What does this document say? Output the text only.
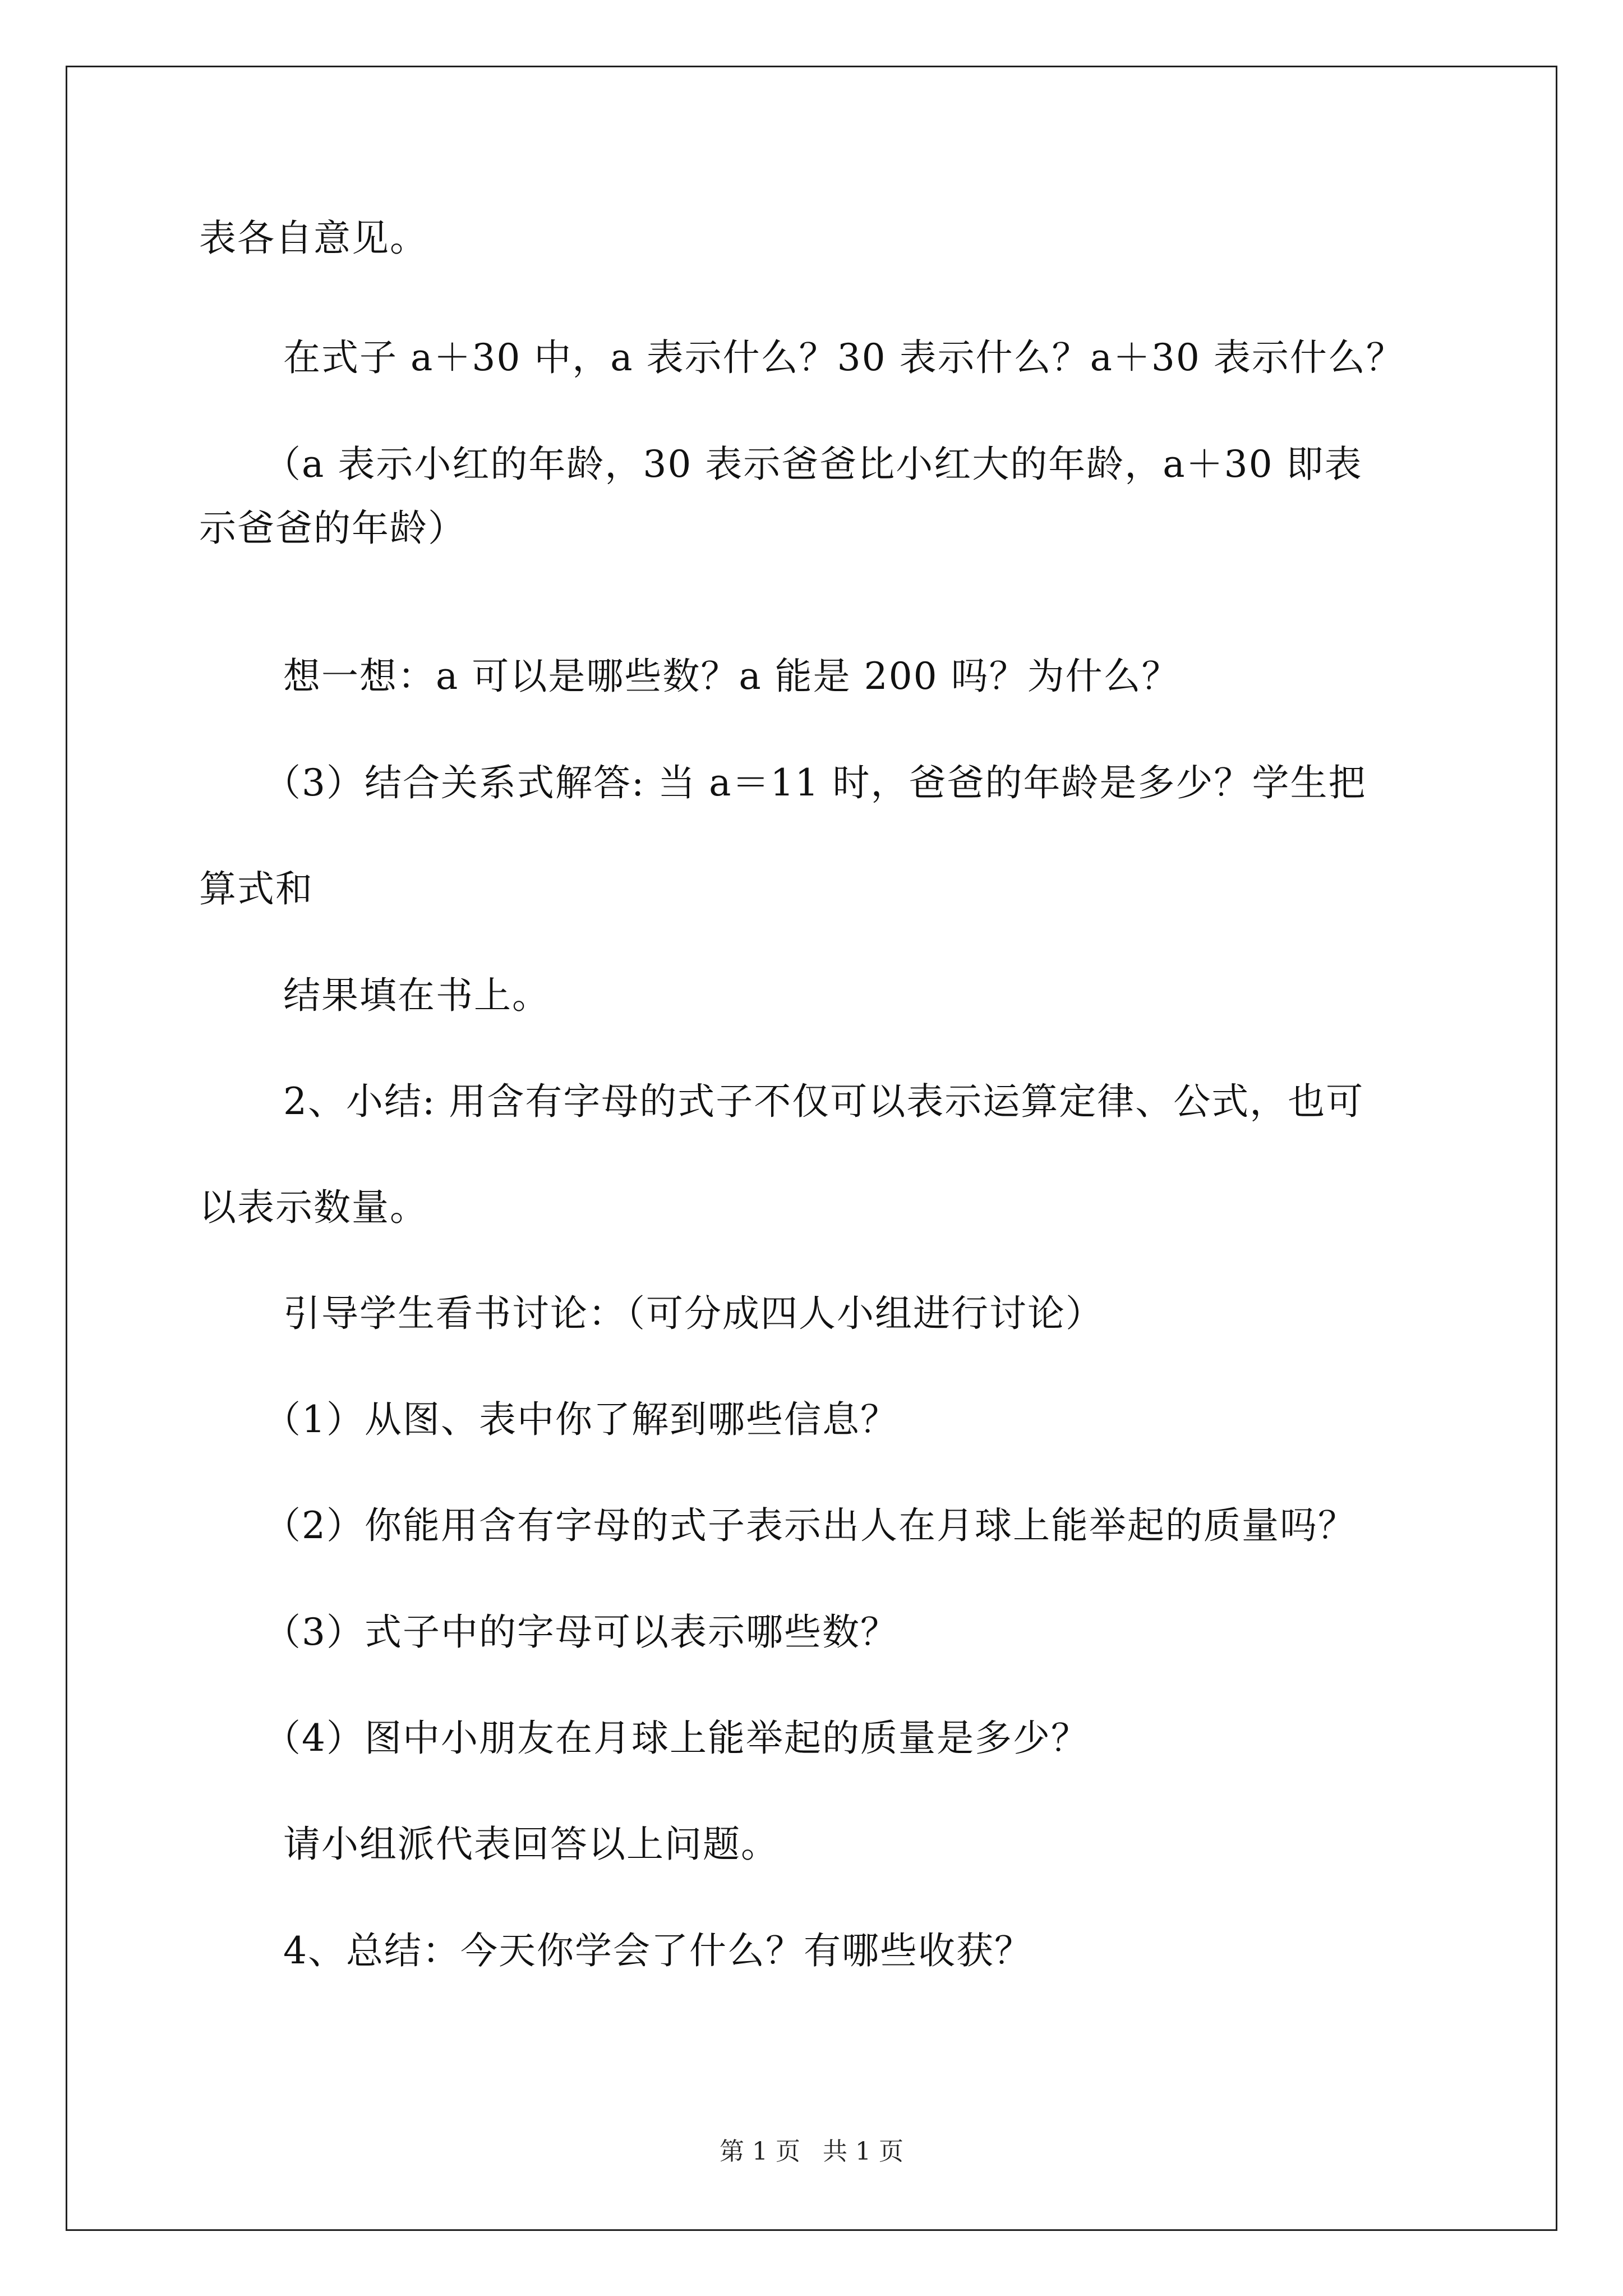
表各自意见。
在式子 a＋30 中，a 表示什么？30 表示什么？a＋30 表示什么？
（a 表示小红的年龄，30 表示爸爸比小红大的年龄，a＋30 即表
示爸爸的年龄）
想一想：a 可以是哪些数？a 能是 200 吗？为什么？
（3）结合关系式解答: 当 a＝11 时，爸爸的年龄是多少？学生把
算式和
结果填在书上。
2、小结: 用含有字母的式子不仅可以表示运算定律、公式，也可
以表示数量。
引导学生看书讨论：（可分成四人小组进行讨论）
（1）从图、表中你了解到哪些信息？
（2）你能用含有字母的式子表示出人在月球上能举起的质量吗？
（3）式子中的字母可以表示哪些数？
（4）图中小朋友在月球上能举起的质量是多少？
请小组派代表回答以上问题。
4、总结：今天你学会了什么？有哪些收获？
第 1 页 共 1 页
